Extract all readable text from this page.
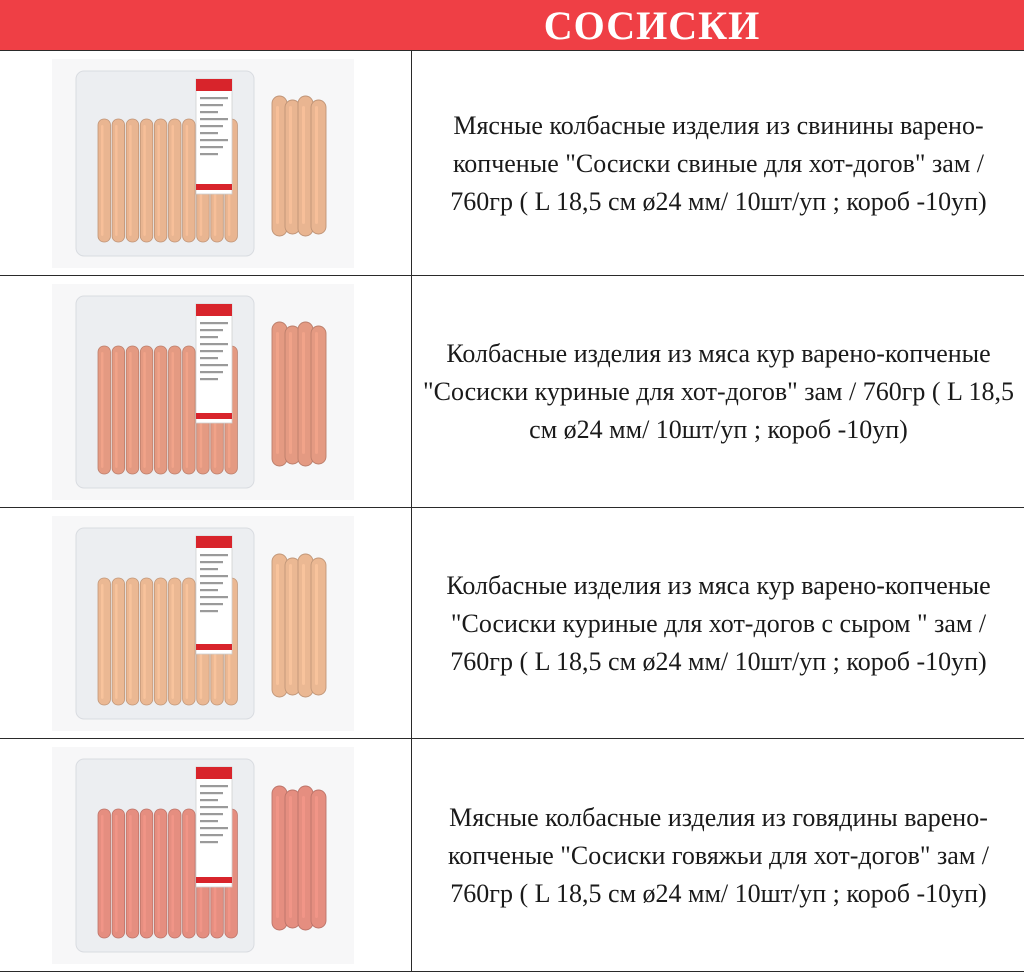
СОСИСКИ

Мясные колбасные изделия из свинины варено-копченые "Сосиски свиные для хот-догов" зам / 760гр ( L 18,5 см ø24 мм/ 10шт/уп ; короб -10уп)

Колбасные изделия из мяса кур варено-копченые "Сосиски куриные для хот-догов" зам / 760гр ( L 18,5 см ø24 мм/ 10шт/уп ; короб -10уп)

Колбасные изделия из мяса кур варено-копченые "Сосиски куриные для хот-догов с сыром " зам / 760гр ( L 18,5 см ø24 мм/ 10шт/уп ; короб -10уп)

Мясные колбасные изделия из говядины варено-копченые "Сосиски говяжьи для хот-догов" зам / 760гр ( L 18,5 см ø24 мм/ 10шт/уп ; короб -10уп)
